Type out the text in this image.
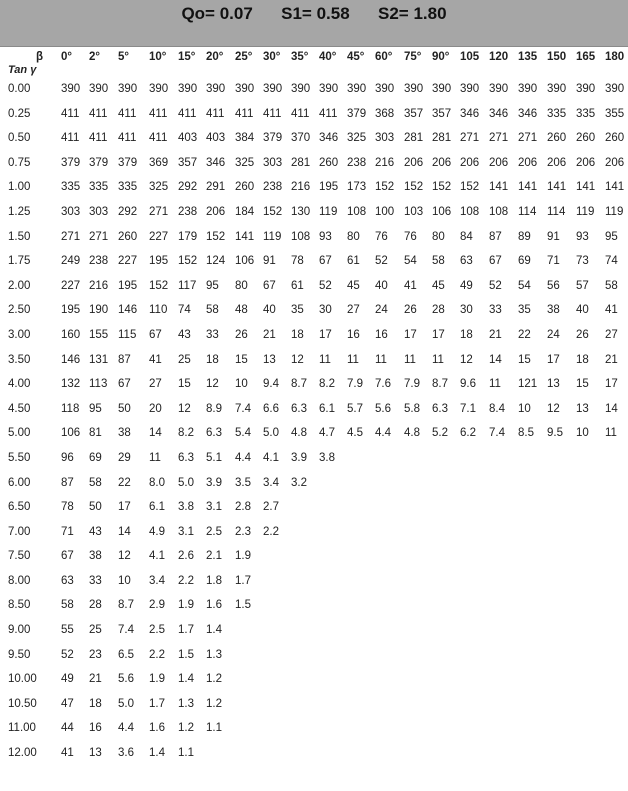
Qo= 0.07      S1= 0.58      S2= 1.80
β 0° 2° 5° 10° 15° 20° 25° 30° 35° 40° 45° 60° 75° 90° 105 120 135 150 165 180
Tan γ
0.00	390 390 390 390 390 390 390 390 390 390 390 390 390 390 390 390 390 390 390 390
0.25	411 411 411 411 411 411 411 411 411 411 379 368 357 357 346 346 346 335 335 355
0.50	411 411 411 411 403 403 384 379 370 346 325 303 281 281 271 271 271 260 260 260
0.75	379 379 379 369 357 346 325 303 281 260 238 216 206 206 206 206 206 206 206 206
1.00	335 335 335 325 292 291 260 238 216 195 173 152 152 152 152 141 141 141 141 141
1.25	303 303 292 271 238 206 184 152 130 119 108 100 103 106 108 108 114 114 119 119
1.50	271 271 260 227 179 152 141 119 108 93 80 76 76 80 84 87 89 91 93 95
1.75	249 238 227 195 152 124 106 91 78 67 61 52 54 58 63 67 69 71 73 74
2.00	227 216 195 152 117 95 80 67 61 52 45 40 41 45 49 52 54 56 57 58
2.50	195 190 146 110 74 58 48 40 35 30 27 24 26 28 30 33 35 38 40 41
3.00	160 155 115 67 43 33 26 21 18 17 16 16 17 17 18 21 22 24 26 27
3.50	146 131 87 41 25 18 15 13 12 11 11 11 11 11 12 14 15 17 18 21
4.00	132 113 67 27 15 12 10 9.4 8.7 8.2 7.9 7.6 7.9 8.7 9.6 11 121 13 15 17
4.50	118 95 50 20 12 8.9 7.4 6.6 6.3 6.1 5.7 5.6 5.8 6.3 7.1 8.4 10 12 13 14
5.00	106 81 38 14 8.2 6.3 5.4 5.0 4.8 4.7 4.5 4.4 4.8 5.2 6.2 7.4 8.5 9.5 10 11
5.50	96 69 29 11 6.3 5.1 4.4 4.1 3.9 3.8
6.00	87 58 22 8.0 5.0 3.9 3.5 3.4 3.2
6.50	78 50 17 6.1 3.8 3.1 2.8 2.7
7.00	71 43 14 4.9 3.1 2.5 2.3 2.2
7.50	67 38 12 4.1 2.6 2.1 1.9
8.00	63 33 10 3.4 2.2 1.8 1.7
8.50	58 28 8.7 2.9 1.9 1.6 1.5
9.00	55 25 7.4 2.5 1.7 1.4
9.50	52 23 6.5 2.2 1.5 1.3
10.00 49 21 5.6 1.9 1.4 1.2
10.50 47 18 5.0 1.7 1.3 1.2
11.00 44 16 4.4 1.6 1.2 1.1
12.00 41 13 3.6 1.4 1.1
